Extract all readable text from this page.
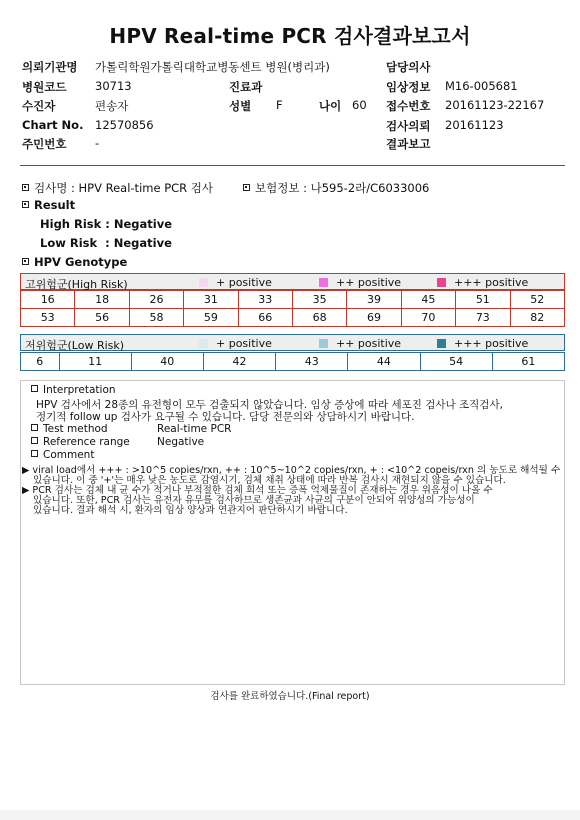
HPV Real-time PCR 검사결과보고서
의뢰기관명 가톨릭학원가톨릭대학교병동센트 병원(병리과)	담당의사
병원코드 30713	진료과	임상정보 M16-005681
수진자	편송자	성별 F	나이 60 접수번호 20161123-22167
Chart No. 12570856	검사의뢰 20161123
주민번호 -	결과보고
검사명 : HPV Real-time PCR 검사	보험정보 : 나595-2라/C6033006
Result
High Risk : Negative
Low Risk  : Negative
HPV Genotype
고위험군(High Risk)	+ positive	++ positive	+++ positive
16	18	26	31	33	35	39	45	51	52
53	56	58	59	66	68	69	70	73	82
저위험군(Low Risk)	+ positive	++ positive	+++ positive
6	11	40	42	43	44	54	61
Interpretation
HPV 검사에서 28종의 유전형이 모두 검출되지 않았습니다. 임상 증상에 따라 세포진 검사나 조직검사,
정기적 follow up 검사가 요구될 수 있습니다. 담당 전문의와 상담하시기 바랍니다.
Test method	Real-time PCR
Reference range	Negative
Comment
▶ viral load에서 +++ : >10^5 copies/rxn, ++ : 10^5~10^2 copies/rxn, + : <10^2 copeis/rxn 의 농도로 해석될 수
있습니다. 이 중 '+'는 매우 낮은 농도로 감염시기, 검체 채취 상태에 따라 반복 검사시 재현되지 않을 수 있습니다.
▶ PCR 검사는 검체 내 균 수가 적거나 부적절한 검체 희석 또는 증폭 억제물질이 존재하는 경우 위음성이 나올 수
있습니다. 또한, PCR 검사는 유전자 유무를 검사하므로 생존균과 사균의 구분이 안되어 위양성의 가능성이
있습니다. 결과 해석 시, 환자의 임상 양상과 연관지어 판단하시기 바랍니다.
검사를 완료하였습니다.(Final report)
